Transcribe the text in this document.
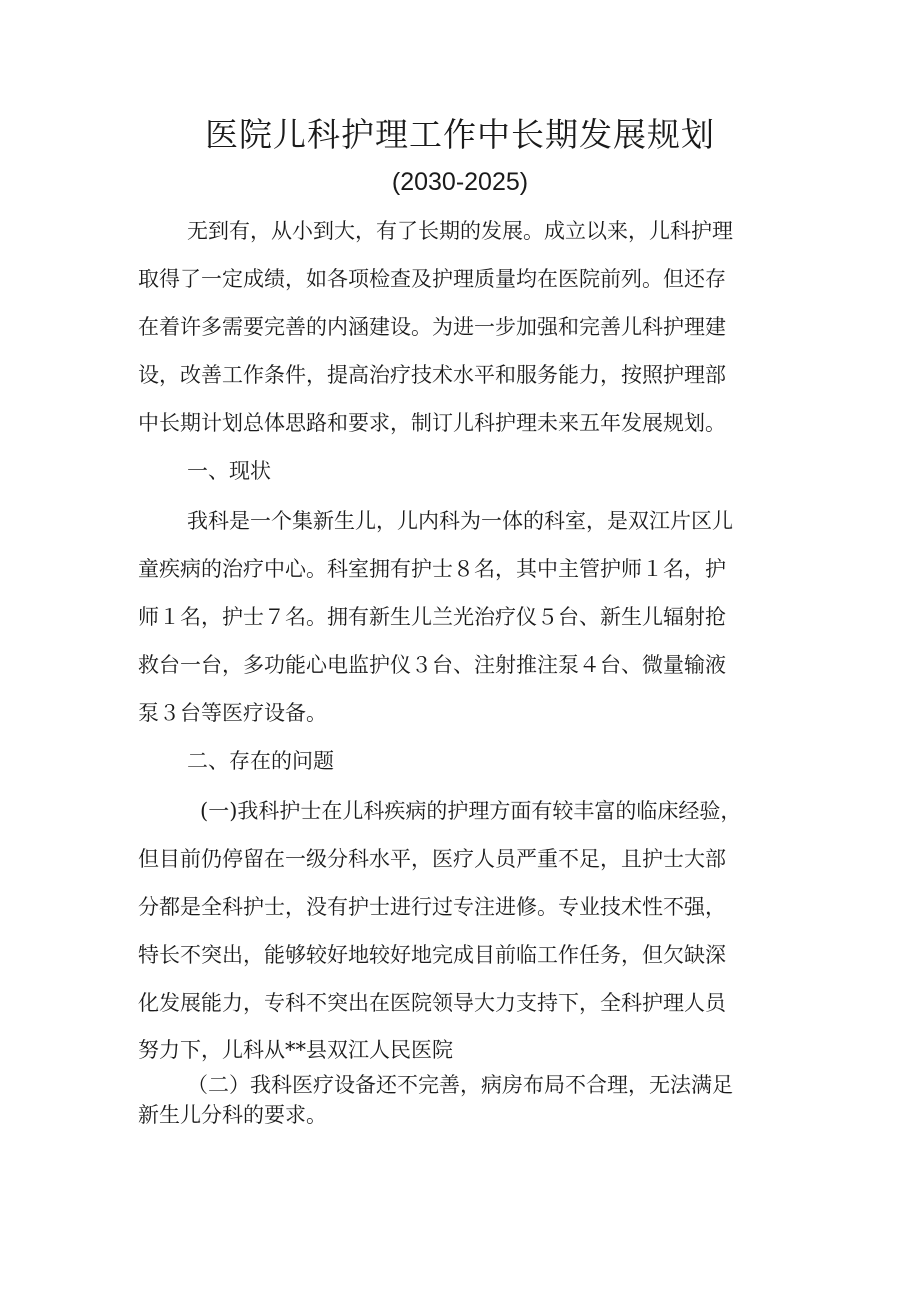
医院儿科护理工作中长期发展规划
(2030-2025)
无到有，从小到大，有了长期的发展。成立以来，儿科护理
取得了一定成绩，如各项检查及护理质量均在医院前列。但还存
在着许多需要完善的内涵建设。为进一步加强和完善儿科护理建
设，改善工作条件，提高治疗技术水平和服务能力，按照护理部
中长期计划总体思路和要求，制订儿科护理未来五年发展规划。
一、现状
我科是一个集新生儿，儿内科为一体的科室，是双江片区儿
童疾病的治疗中心。科室拥有护士８名，其中主管护师１名，护
师１名，护士７名。拥有新生儿兰光治疗仪５台、新生儿辐射抢
救台一台，多功能心电监护仪３台、注射推注泵４台、微量输液
泵３台等医疗设备。
二、存在的问题
(一)我科护士在儿科疾病的护理方面有较丰富的临床经验，
但目前仍停留在一级分科水平，医疗人员严重不足，且护士大部
分都是全科护士，没有护士进行过专注进修。专业技术性不强，
特长不突出，能够较好地较好地完成目前临工作任务，但欠缺深
化发展能力，专科不突出在医院领导大力支持下，全科护理人员
努力下，儿科从**县双江人民医院
（二）我科医疗设备还不完善，病房布局不合理，无法满足
新生儿分科的要求。
